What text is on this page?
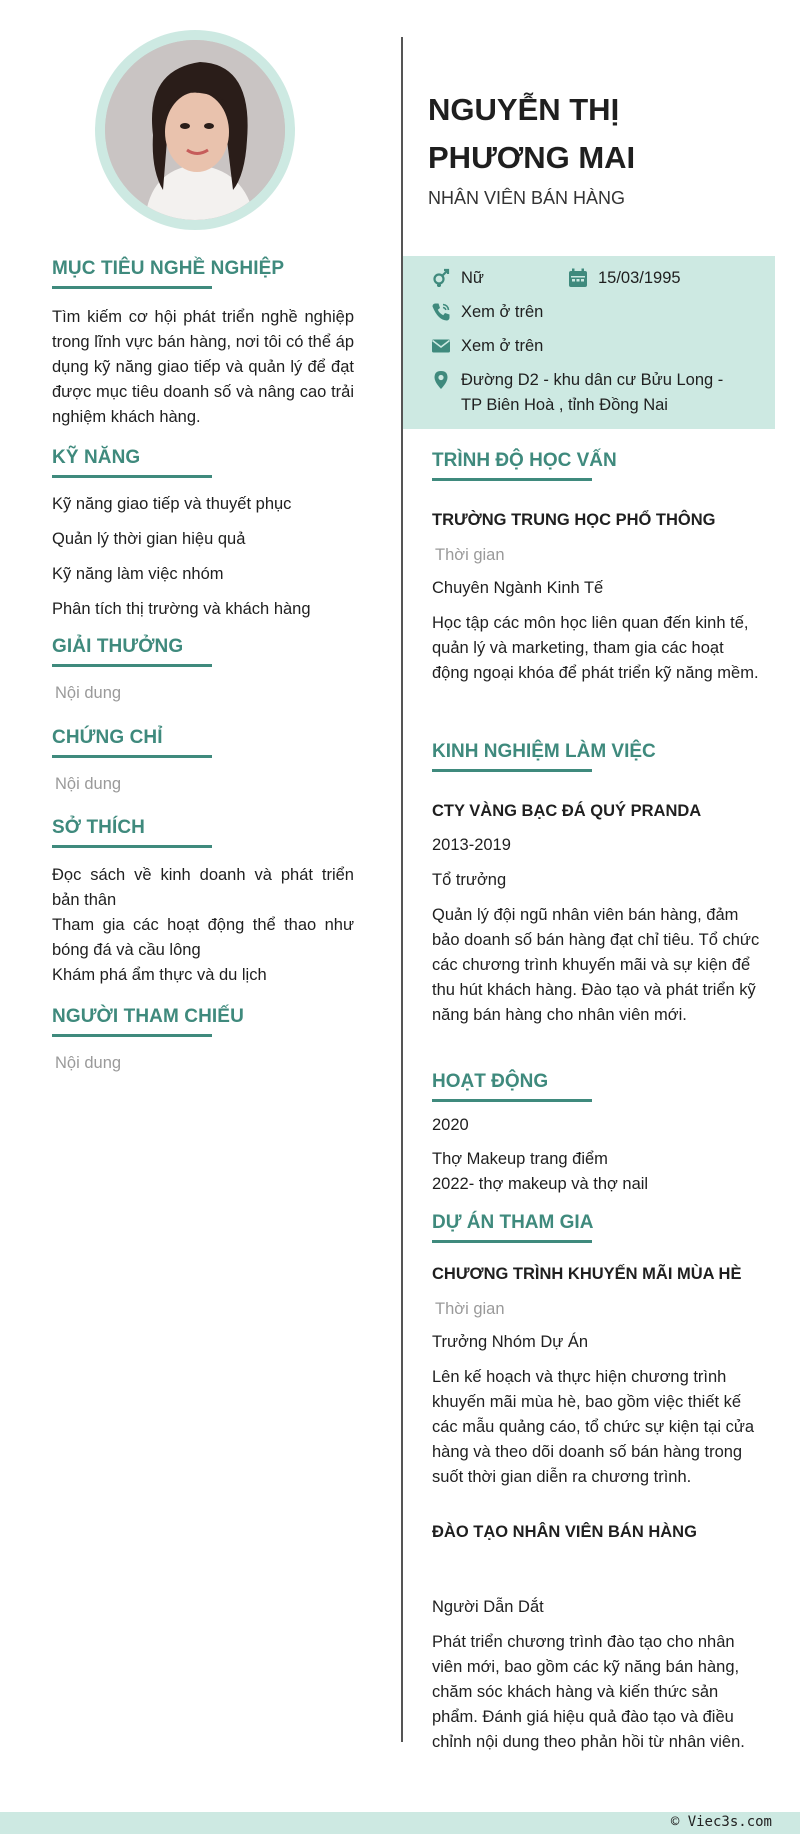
MỤC TIÊU NGHỀ NGHIỆP
Tìm kiếm cơ hội phát triển nghề nghiệp trong lĩnh vực bán hàng, nơi tôi có thể áp dụng kỹ năng giao tiếp và quản lý để đạt được mục tiêu doanh số và nâng cao trải nghiệm khách hàng.
KỸ NĂNG
Kỹ năng giao tiếp và thuyết phục
Quản lý thời gian hiệu quả
Kỹ năng làm việc nhóm
Phân tích thị trường và khách hàng
GIẢI THƯỞNG
Nội dung
CHỨNG CHỈ
Nội dung
SỞ THÍCH
Đọc sách về kinh doanh và phát triển bản thân
Tham gia các hoạt động thể thao như bóng đá và cầu lông
Khám phá ẩm thực và du lịch
NGƯỜI THAM CHIẾU
Nội dung
NGUYỄN THỊ PHƯƠNG MAI
NHÂN VIÊN BÁN HÀNG
Nữ	15/03/1995
Xem ở trên
Xem ở trên
Đường D2 - khu dân cư Bửu Long - TP Biên Hoà , tỉnh Đồng Nai
TRÌNH ĐỘ HỌC VẤN
TRƯỜNG TRUNG HỌC PHỔ THÔNG
Thời gian
Chuyên Ngành Kinh Tế
Học tập các môn học liên quan đến kinh tế, quản lý và marketing, tham gia các hoạt động ngoại khóa để phát triển kỹ năng mềm.
KINH NGHIỆM LÀM VIỆC
CTY VÀNG BẠC ĐÁ QUÝ PRANDA
2013-2019
Tổ trưởng
Quản lý đội ngũ nhân viên bán hàng, đảm bảo doanh số bán hàng đạt chỉ tiêu. Tổ chức các chương trình khuyến mãi và sự kiện để thu hút khách hàng. Đào tạo và phát triển kỹ năng bán hàng cho nhân viên mới.
HOẠT ĐỘNG
2020
Thợ Makeup trang điểm
2022- thợ makeup và thợ nail
DỰ ÁN THAM GIA
CHƯƠNG TRÌNH KHUYẾN MÃI MÙA HÈ
Thời gian
Trưởng Nhóm Dự Án
Lên kế hoạch và thực hiện chương trình khuyến mãi mùa hè, bao gồm việc thiết kế các mẫu quảng cáo, tổ chức sự kiện tại cửa hàng và theo dõi doanh số bán hàng trong suốt thời gian diễn ra chương trình.
ĐÀO TẠO NHÂN VIÊN BÁN HÀNG
Người Dẫn Dắt
Phát triển chương trình đào tạo cho nhân viên mới, bao gồm các kỹ năng bán hàng, chăm sóc khách hàng và kiến thức sản phẩm. Đánh giá hiệu quả đào tạo và điều chỉnh nội dung theo phản hồi từ nhân viên.
© Viec3s.com
